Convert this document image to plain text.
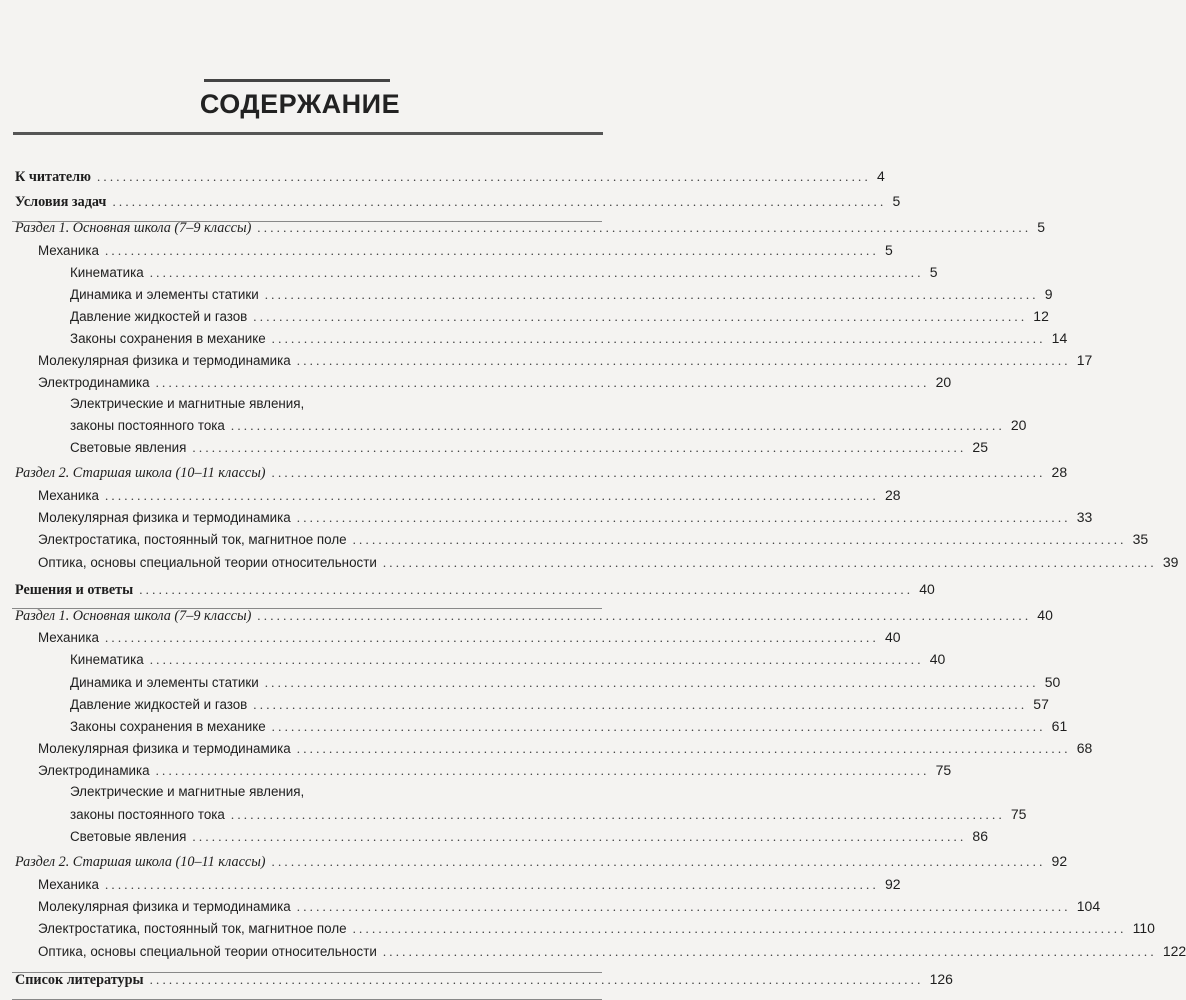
СОДЕРЖАНИЕ
К читателю ........................................................................................................................ 4
Условия задач ........................................................................................................................ 5
Раздел 1. Основная школа (7–9 классы) ........................................................................................................................ 5
Механика ........................................................................................................................ 5
Кинематика ........................................................................................................................ 5
Динамика и элементы статики ........................................................................................................................ 9
Давление жидкостей и газов ........................................................................................................................ 12
Законы сохранения в механике ........................................................................................................................ 14
Молекулярная физика и термодинамика ........................................................................................................................ 17
Электродинамика ........................................................................................................................ 20
Электрические и магнитные явления,
законы постоянного тока ........................................................................................................................ 20
Световые явления ........................................................................................................................ 25
Раздел 2. Старшая школа (10–11 классы) ........................................................................................................................ 28
Механика ........................................................................................................................ 28
Молекулярная физика и термодинамика ........................................................................................................................ 33
Электростатика, постоянный ток, магнитное поле ........................................................................................................................ 35
Оптика, основы специальной теории относительности ........................................................................................................................ 39
Решения и ответы ........................................................................................................................ 40
Раздел 1. Основная школа (7–9 классы) ........................................................................................................................ 40
Механика ........................................................................................................................ 40
Кинематика ........................................................................................................................ 40
Динамика и элементы статики ........................................................................................................................ 50
Давление жидкостей и газов ........................................................................................................................ 57
Законы сохранения в механике ........................................................................................................................ 61
Молекулярная физика и термодинамика ........................................................................................................................ 68
Электродинамика ........................................................................................................................ 75
Электрические и магнитные явления,
законы постоянного тока ........................................................................................................................ 75
Световые явления ........................................................................................................................ 86
Раздел 2. Старшая школа (10–11 классы) ........................................................................................................................ 92
Механика ........................................................................................................................ 92
Молекулярная физика и термодинамика ........................................................................................................................ 104
Электростатика, постоянный ток, магнитное поле ........................................................................................................................ 110
Оптика, основы специальной теории относительности ........................................................................................................................ 122
Список литературы ........................................................................................................................ 126
